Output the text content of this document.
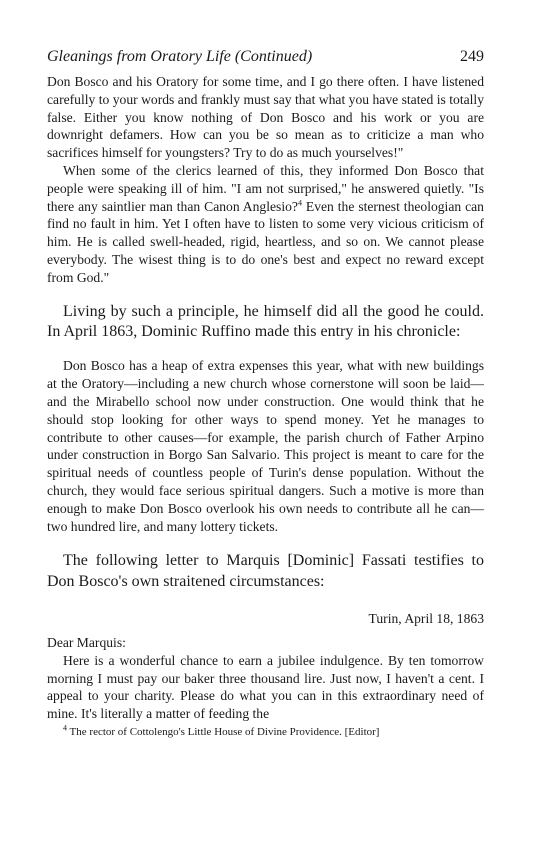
Gleanings from Oratory Life (Continued)	249

Don Bosco and his Oratory for some time, and I go there often. I have listened carefully to your words and frankly must say that what you have stated is totally false. Either you know nothing of Don Bosco and his work or you are downright defamers. How can you be so mean as to criticize a man who sacrifices himself for youngsters? Try to do as much yourselves!"

When some of the clerics learned of this, they informed Don Bosco that people were speaking ill of him. "I am not surprised," he answered quietly. "Is there any saintlier man than Canon Anglesio?$^4$ Even the sternest theologian can find no fault in him. Yet I often have to listen to some very vicious criticism of him. He is called swell-headed, rigid, heartless, and so on. We cannot please everybody. The wisest thing is to do one's best and expect no reward except from God."

Living by such a principle, he himself did all the good he could. In April 1863, Dominic Ruffino made this entry in his chronicle:

Don Bosco has a heap of extra expenses this year, what with new buildings at the Oratory—including a new church whose cornerstone will soon be laid—and the Mirabello school now under construction. One would think that he should stop looking for other ways to spend money. Yet he manages to contribute to other causes—for example, the parish church of Father Arpino under construction in Borgo San Salvario. This project is meant to care for the spiritual needs of countless people of Turin's dense population. Without the church, they would face serious spiritual dangers. Such a motive is more than enough to make Don Bosco overlook his own needs to contribute all he can—two hundred lire, and many lottery tickets.

The following letter to Marquis [Dominic] Fassati testifies to Don Bosco's own straitened circumstances:

Turin, April 18, 1863

Dear Marquis:

Here is a wonderful chance to earn a jubilee indulgence. By ten tomorrow morning I must pay our baker three thousand lire. Just now, I haven't a cent. I appeal to your charity. Please do what you can in this extraordinary need of mine. It's literally a matter of feeding the

$^4$ The rector of Cottolengo's Little House of Divine Providence. [Editor]
